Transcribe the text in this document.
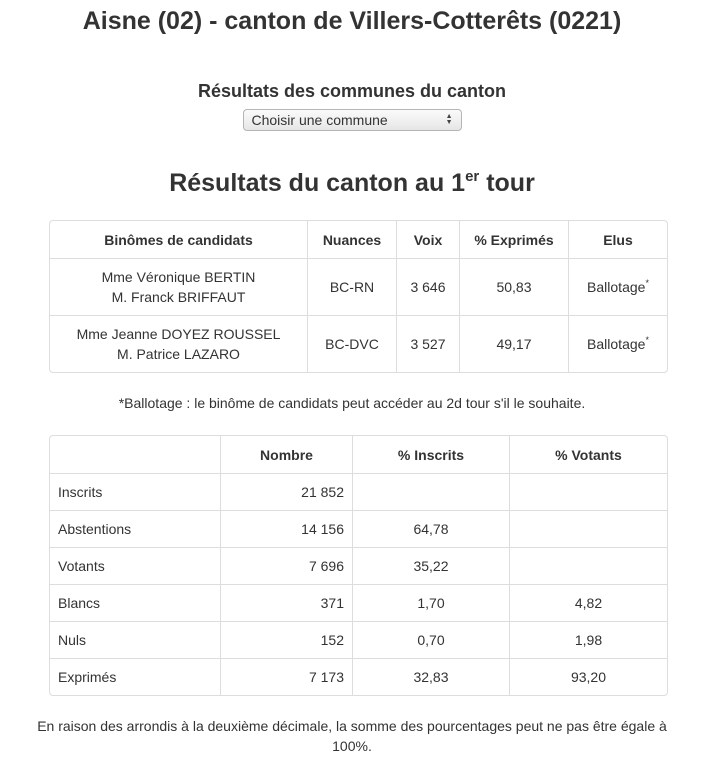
Aisne (02) - canton de Villers-Cotterêts (0221)
Résultats des communes du canton
Choisir une commune	▲
▼
Résultats du canton au 1er tour
Binômes de candidats	Nuances	Voix	% Exprimés	Elus

Mme Véronique BERTIN
M. Franck BRIFFAUT	BC-RN	3 646	50,83	Ballotage*

Mme Jeanne DOYEZ ROUSSEL
M. Patrice LAZARO	BC-DVC	3 527	49,17	Ballotage*
*Ballotage : le binôme de candidats peut accéder au 2d tour s'il le souhaite.
	Nombre	% Inscrits	% Votants
Inscrits	21 852		
Abstentions	14 156	64,78	
Votants	7 696	35,22	
Blancs	371	1,70	4,82
Nuls	152	0,70	1,98
Exprimés	7 173	32,83	93,20
En raison des arrondis à la deuxième décimale, la somme des pourcentages peut ne pas être égale à 100%.
